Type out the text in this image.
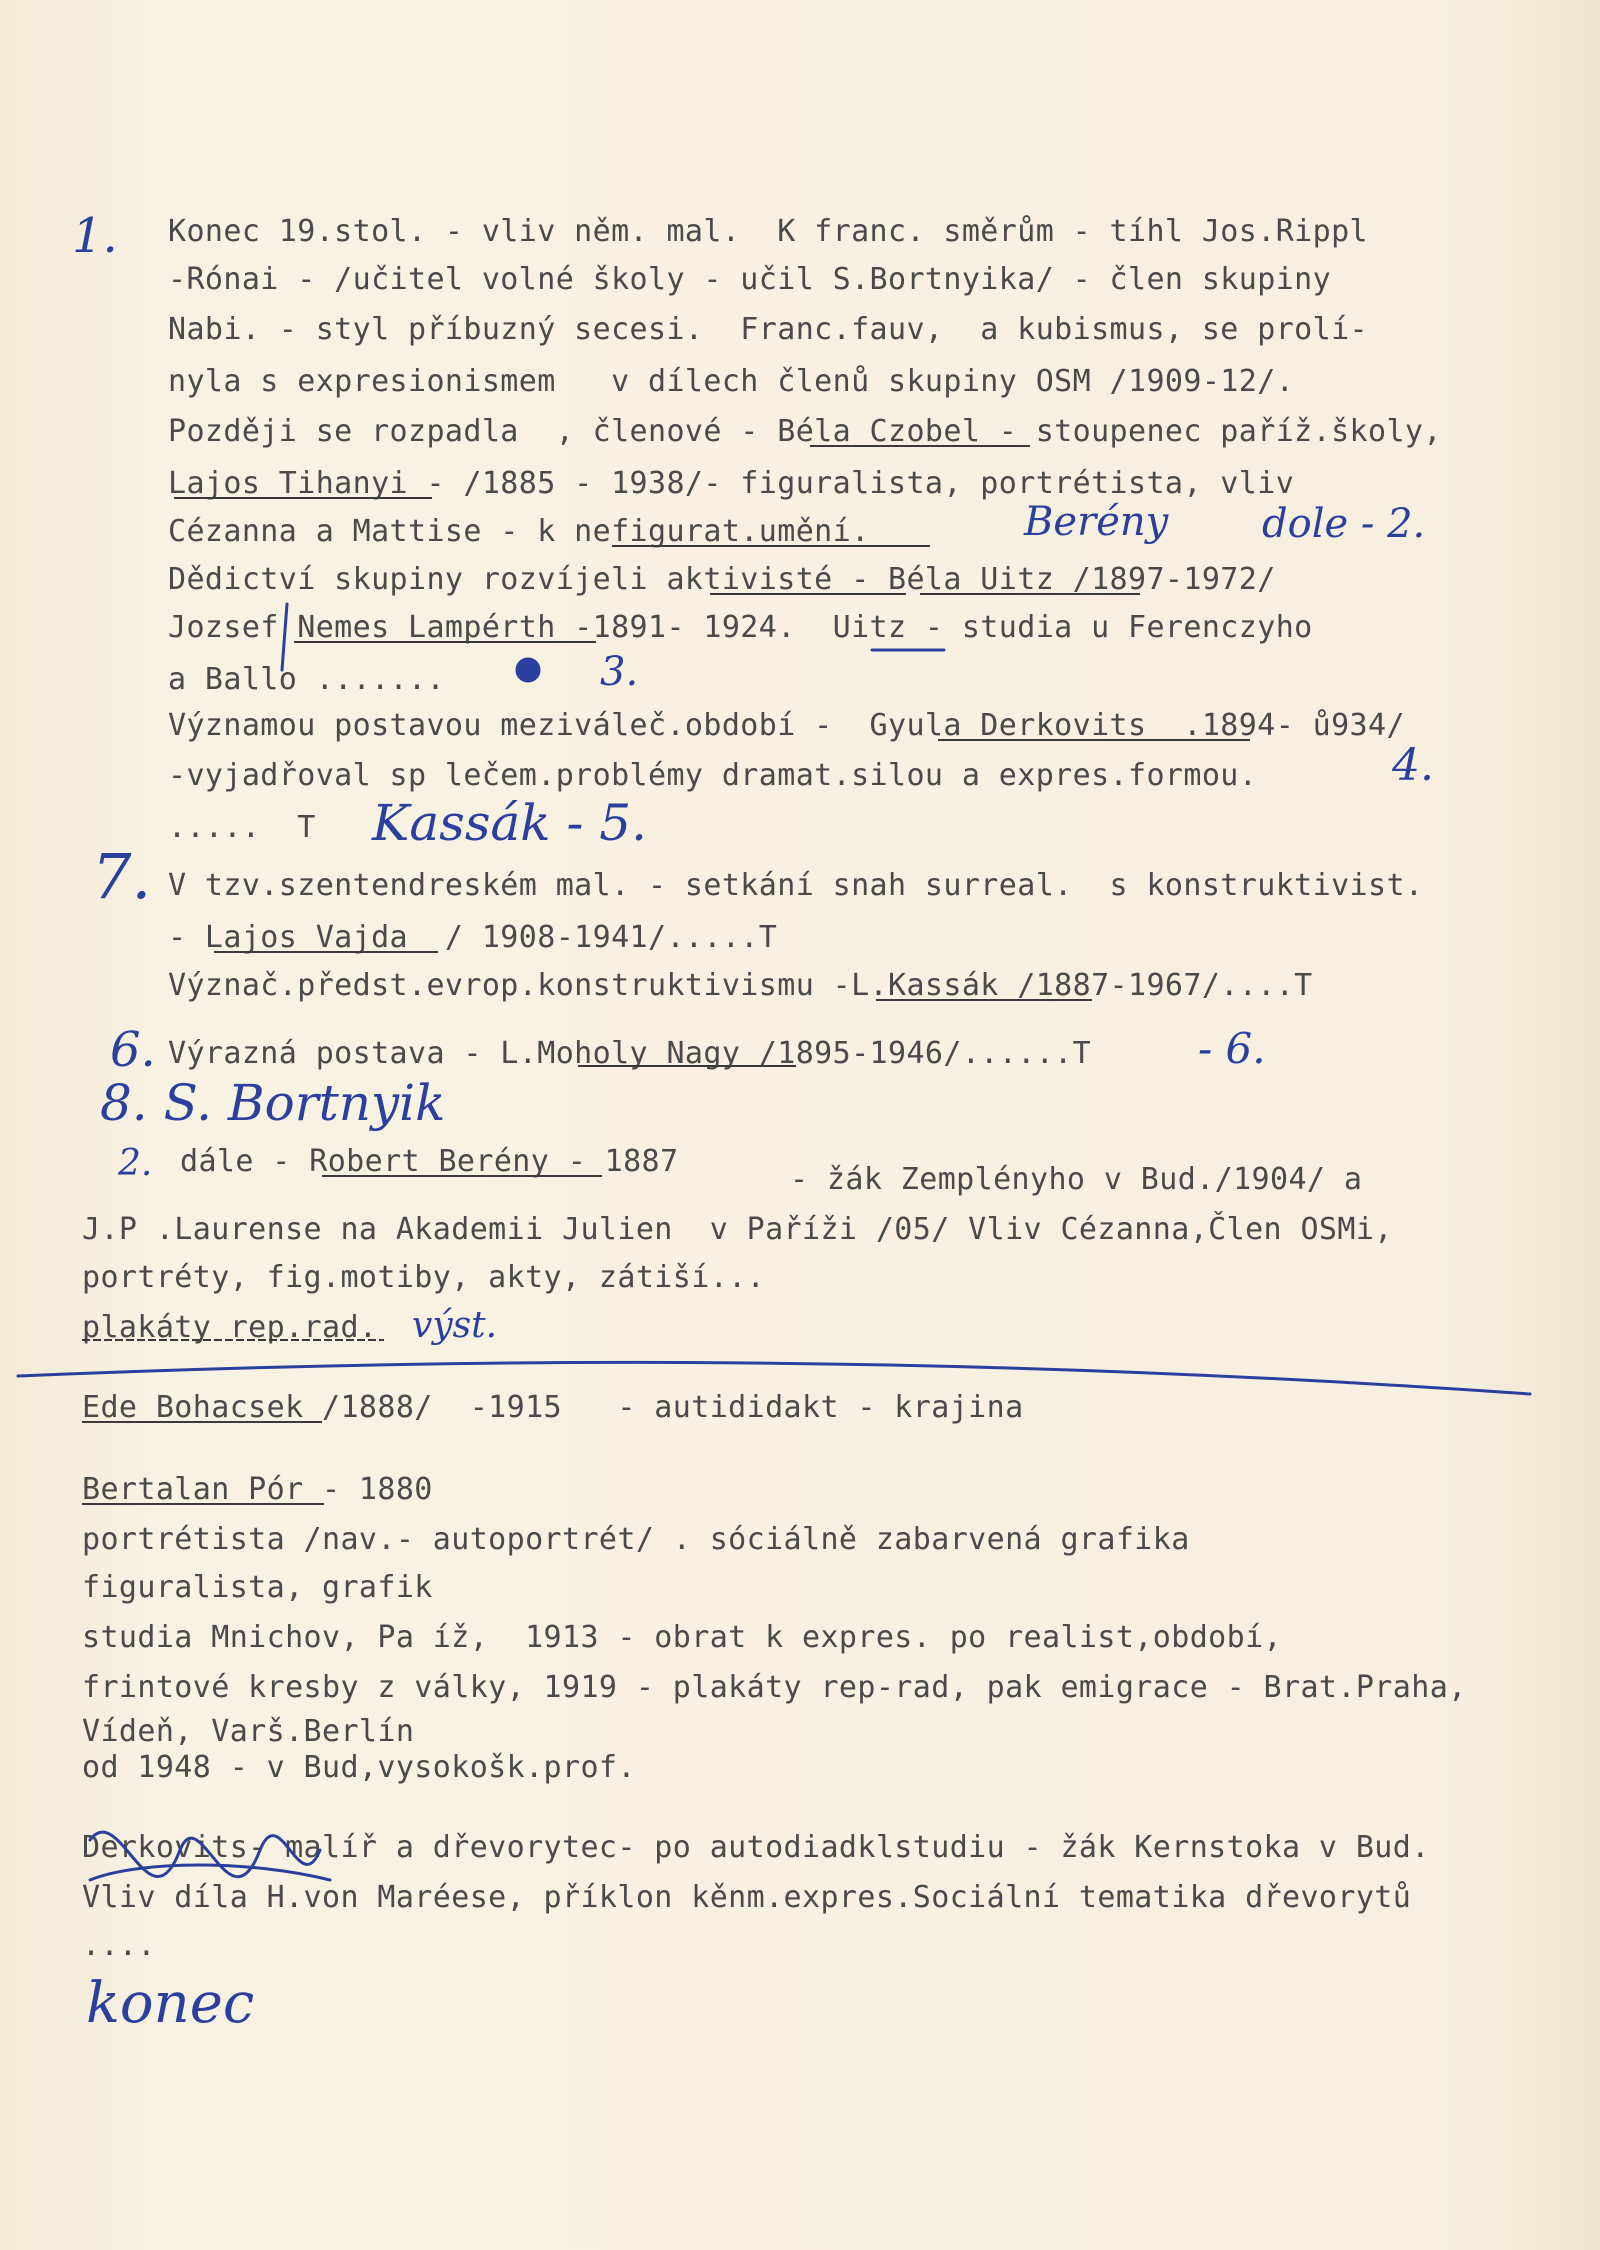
Konec 19.stol. - vliv něm. mal.  K franc. směrům - tíhl Jos.Rippl
-Rónai - /učitel volné školy - učil S.Bortnyika/ - člen skupiny
Nabi. - styl příbuzný secesi.  Franc.fauv,  a kubismus, se prolí-
nyla s expresionismem   v dílech členů skupiny OSM /1909-12/.
Později se rozpadla  , členové - Béla Czobel - stoupenec paříž.školy,
Lajos Tihanyi - /1885 - 1938/- figuralista, portrétista, vliv
Cézanna a Mattise - k nefigurat.umění.
Dědictví skupiny rozvíjeli aktivisté - Béla Uitz /1897-1972/
Jozsef Nemes Lampérth -1891- 1924.  Uitz - studia u Ferenczyho
a Ballo .......
Významou postavou meziváleč.období -  Gyula Derkovits  .1894- ů934/
-vyjadřoval sp lečem.problémy dramat.silou a expres.formou.
.....  T
V tzv.szentendreském mal. - setkání snah surreal.  s konstruktivist.
- Lajos Vajda  / 1908-1941/.....T
Význač.předst.evrop.konstruktivismu -L.Kassák /1887-1967/....T
Výrazná postava - L.Moholy Nagy /1895-1946/......T
dále - Robert Berény - 1887
- žák Zemplényho v Bud./1904/ a
J.P .Laurense na Akademii Julien  v Paříži /05/ Vliv Cézanna,Člen OSMi,
portréty, fig.motiby, akty, zátiší...
plakáty rep.rad.
Ede Bohacsek /1888/  -1915   - autididakt - krajina
Bertalan Pór - 1880
portrétista /nav.- autoportrét/ . sóciálně zabarvená grafika
figuralista, grafik
studia Mnichov, Pa íž,  1913 - obrat k expres. po realist,období,
frintové kresby z války, 1919 - plakáty rep-rad, pak emigrace - Brat.Praha,
Vídeň, Varš.Berlín
od 1948 - v Bud,vysokošk.prof.
Derkovits- malíř a dřevorytec- po autodiadklstudiu - žák Kernstoka v Bud.
Vliv díla H.von Maréese, příklon kěnm.expres.Sociální tematika dřevorytů
....
1.
Berény dole - 2.
3.
4.
Kassák - 5.
7.
6.	- 6.
8. S. Bortnyik
2.
výst.
konec
